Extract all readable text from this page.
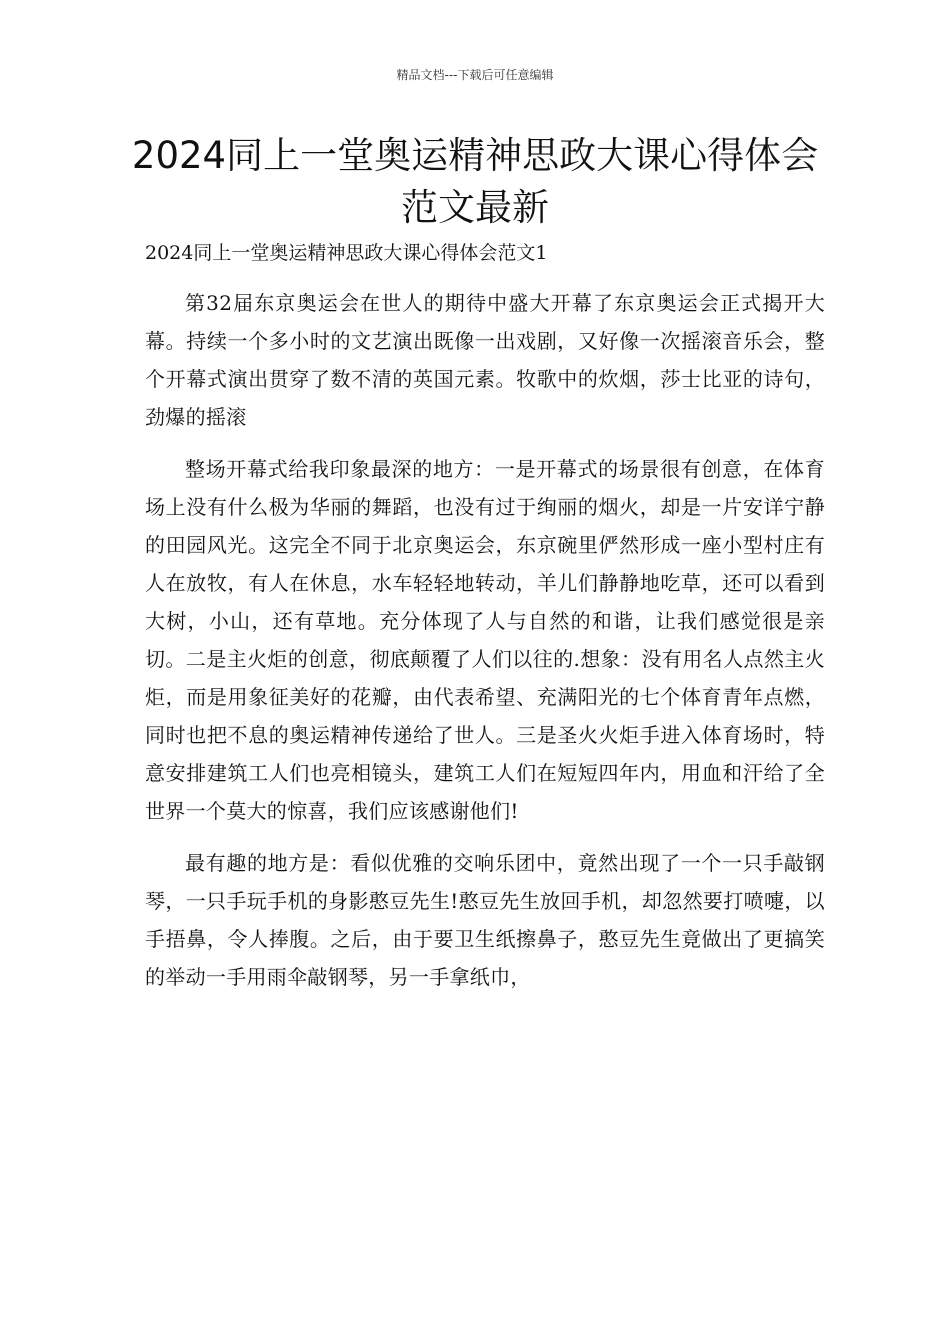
精品文档---下载后可任意编辑
2024同上一堂奥运精神思政大课心得体会范文最新

2024同上一堂奥运精神思政大课心得体会范文1

第32届东京奥运会在世人的期待中盛大开幕了东京奥运会正式揭开大幕。持续一个多小时的文艺演出既像一出戏剧，又好像一次摇滚音乐会，整个开幕式演出贯穿了数不清的英国元素。牧歌中的炊烟，莎士比亚的诗句，劲爆的摇滚

整场开幕式给我印象最深的地方：一是开幕式的场景很有创意，在体育场上没有什么极为华丽的舞蹈，也没有过于绚丽的烟火，却是一片安详宁静的田园风光。这完全不同于北京奥运会，东京碗里俨然形成一座小型村庄有人在放牧，有人在休息，水车轻轻地转动，羊儿们静静地吃草，还可以看到大树，小山，还有草地。充分体现了人与自然的和谐，让我们感觉很是亲切。二是主火炬的创意，彻底颠覆了人们以往的.想象：没有用名人点然主火炬，而是用象征美好的花瓣，由代表希望、充满阳光的七个体育青年点燃，同时也把不息的奥运精神传递给了世人。三是圣火火炬手进入体育场时，特意安排建筑工人们也亮相镜头，建筑工人们在短短四年内，用血和汗给了全世界一个莫大的惊喜，我们应该感谢他们!

最有趣的地方是：看似优雅的交响乐团中，竟然出现了一个一只手敲钢琴，一只手玩手机的身影憨豆先生!憨豆先生放回手机，却忽然要打喷嚏，以手捂鼻，令人捧腹。之后，由于要卫生纸擦鼻子，憨豆先生竟做出了更搞笑的举动一手用雨伞敲钢琴，另一手拿纸巾，
